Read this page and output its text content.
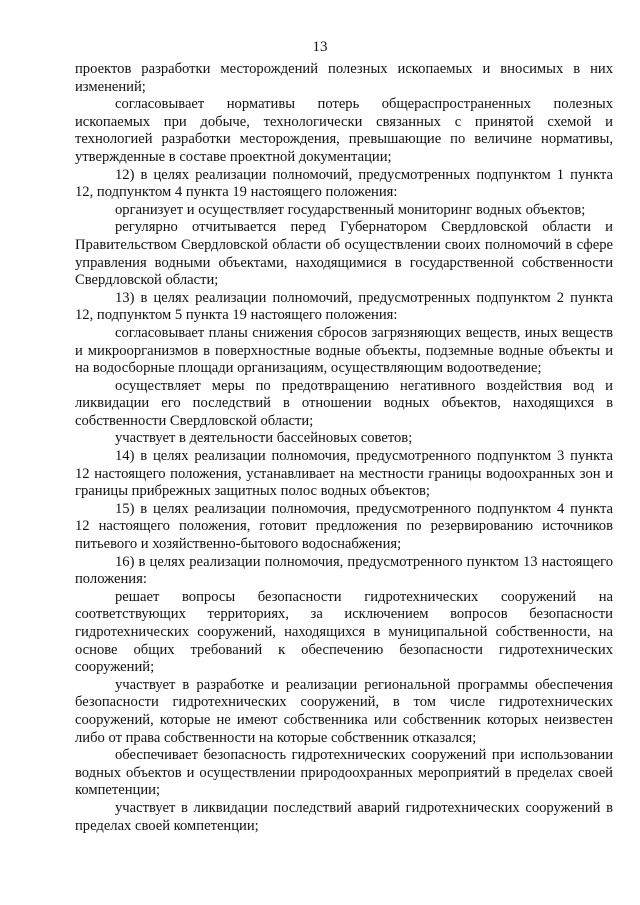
13

проектов разработки месторождений полезных ископаемых и вносимых в них изменений;

согласовывает нормативы потерь общераспространенных полезных ископаемых при добыче, технологически связанных с принятой схемой и технологией разработки месторождения, превышающие по величине нормативы, утвержденные в составе проектной документации;

12) в целях реализации полномочий, предусмотренных подпунктом 1 пункта 12, подпунктом 4 пункта 19 настоящего положения:

организует и осуществляет государственный мониторинг водных объектов;

регулярно отчитывается перед Губернатором Свердловской области и Правительством Свердловской области об осуществлении своих полномочий в сфере управления водными объектами, находящимися в государственной собственности Свердловской области;

13) в целях реализации полномочий, предусмотренных подпунктом 2 пункта 12, подпунктом 5 пункта 19 настоящего положения:

согласовывает планы снижения сбросов загрязняющих веществ, иных веществ и микроорганизмов в поверхностные водные объекты, подземные водные объекты и на водосборные площади организациям, осуществляющим водоотведение;

осуществляет меры по предотвращению негативного воздействия вод и ликвидации его последствий в отношении водных объектов, находящихся в собственности Свердловской области;

участвует в деятельности бассейновых советов;

14) в целях реализации полномочия, предусмотренного подпунктом 3 пункта 12 настоящего положения, устанавливает на местности границы водоохранных зон и границы прибрежных защитных полос водных объектов;

15) в целях реализации полномочия, предусмотренного подпунктом 4 пункта 12 настоящего положения, готовит предложения по резервированию источников питьевого и хозяйственно-бытового водоснабжения;

16) в целях реализации полномочия, предусмотренного пунктом 13 настоящего положения:

решает вопросы безопасности гидротехнических сооружений на соответствующих территориях, за исключением вопросов безопасности гидротехнических сооружений, находящихся в муниципальной собственности, на основе общих требований к обеспечению безопасности гидротехнических сооружений;

участвует в разработке и реализации региональной программы обеспечения безопасности гидротехнических сооружений, в том числе гидротехнических сооружений, которые не имеют собственника или собственник которых неизвестен либо от права собственности на которые собственник отказался;

обеспечивает безопасность гидротехнических сооружений при использовании водных объектов и осуществлении природоохранных мероприятий в пределах своей компетенции;

участвует в ликвидации последствий аварий гидротехнических сооружений в пределах своей компетенции;
